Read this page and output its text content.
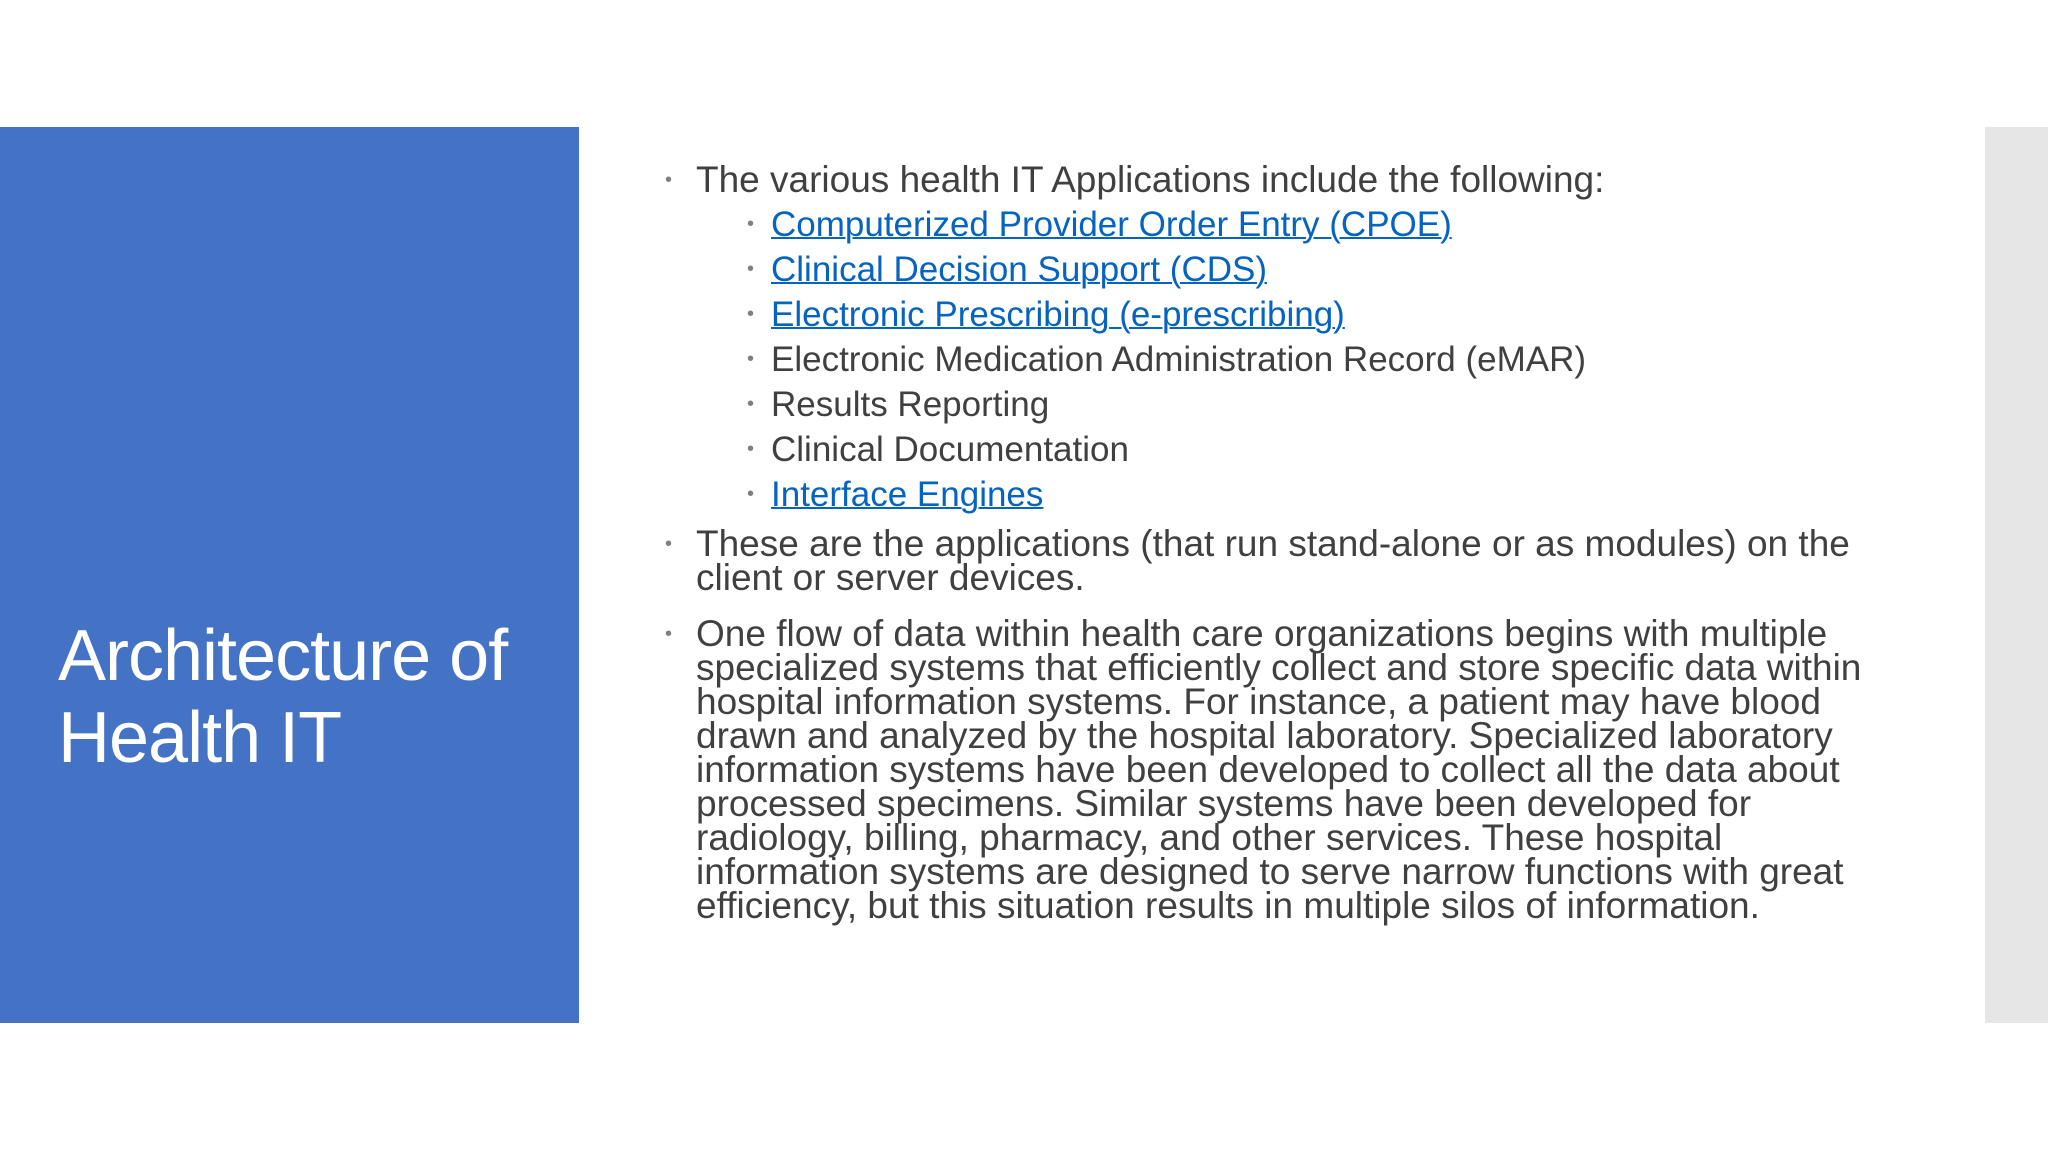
Architecture of
Health IT
• The various health IT Applications include the following:
• Computerized Provider Order Entry (CPOE)
• Clinical Decision Support (CDS)
• Electronic Prescribing (e-prescribing)
• Electronic Medication Administration Record (eMAR)
• Results Reporting
• Clinical Documentation
• Interface Engines
• These are the applications (that run stand-alone or as modules) on the client or server devices.
• One flow of data within health care organizations begins with multiple specialized systems that efficiently collect and store specific data within hospital information systems. For instance, a patient may have blood drawn and analyzed by the hospital laboratory. Specialized laboratory information systems have been developed to collect all the data about processed specimens. Similar systems have been developed for radiology, billing, pharmacy, and other services. These hospital information systems are designed to serve narrow functions with great efficiency, but this situation results in multiple silos of information.
